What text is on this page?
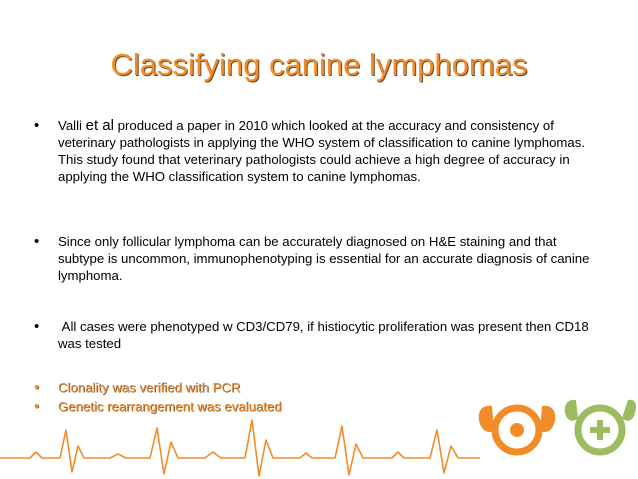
Classifying canine lymphomas
•	Valli et al produced a paper in 2010 which looked at the accuracy and consistency of veterinary pathologists in applying the WHO system of classification to canine lymphomas. This study found that veterinary pathologists could achieve a high degree of accuracy in applying the WHO classification system to canine lymphomas.
•	Since only follicular lymphoma can be accurately diagnosed on H&E staining and that subtype is uncommon, immunophenotyping is essential for an accurate diagnosis of canine lymphoma.
•	All cases were phenotyped w CD3/CD79, if histiocytic proliferation was present then CD18 was tested
•	Clonality was verified with PCR
•	Genetic rearrangement was evaluated
